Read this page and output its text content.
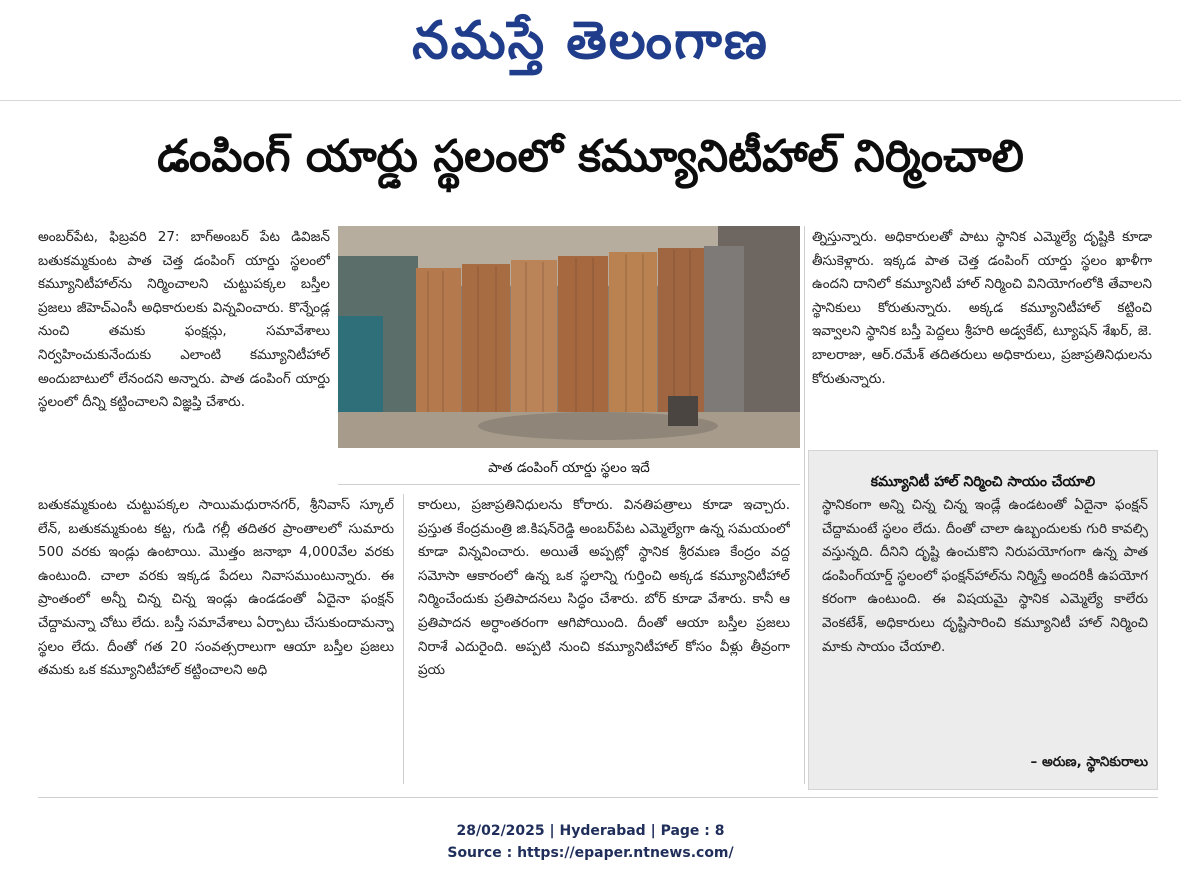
నమస్తే తెలంగాణ
డంపింగ్ యార్డు స్థలంలో కమ్యూనిటీహాల్ నిర్మించాలి

అంబర్‌పేట, ఫిబ్రవరి 27: బాగ్‌అంబర్ పేట డివిజన్ బతుకమ్మకుంట పాత చెత్త డంపింగ్ యార్డు స్థలంలో కమ్యూనిటీహాల్‌ను నిర్మించాలని చుట్టుపక్కల బస్తీల ప్రజలు జీహెచ్ఎంసీ అధికారులకు విన్నవించారు. కొన్నేండ్ల నుంచి తమకు ఫంక్షన్లు, సమావేశాలు నిర్వహించుకునేందుకు ఎలాంటి కమ్యూనిటీహాల్ అందుబాటులో లేనందని అన్నారు. పాత డంపింగ్ యార్డు స్థలంలో దీన్ని కట్టించాలని విజ్ఞప్తి చేశారు.

బతుకమ్మకుంట చుట్టుపక్కల సాయిమధురానగర్, శ్రీనివాస్ స్కూల్ లేన్, బతుకమ్మకుంట కట్ట, గుడి గల్లీ తదితర ప్రాంతాలలో సుమారు 500 వరకు ఇండ్లు ఉంటాయి. మొత్తం జనాభా 4,000వేల వరకు ఉంటుంది. చాలా వరకు ఇక్కడ పేదలు నివాసముంటున్నారు. ఈ ప్రాంతంలో అన్నీ చిన్న చిన్న ఇండ్లు ఉండడంతో ఏదైనా ఫంక్షన్ చేద్దామన్నా చోటు లేదు. బస్తీ సమావేశాలు ఏర్పాటు చేసుకుందామన్నా స్థలం లేదు. దీంతో గత 20 సంవత్సరాలుగా ఆయా బస్తీల ప్రజలు తమకు ఒక కమ్యూనిటీహాల్ కట్టించాలని అధి

పాత డంపింగ్ యార్డు స్థలం ఇదే

కారులు, ప్రజాప్రతినిధులను కోరారు. వినతిపత్రాలు కూడా ఇచ్చారు. ప్రస్తుత కేంద్రమంత్రి జి.కిషన్‌రెడ్డి అంబర్‌పేట ఎమ్మెల్యేగా ఉన్న సమయంలో కూడా విన్నవించారు. అయితే అప్పట్లో స్థానిక శ్రీరమణ కేంద్రం వద్ద సమోసా ఆకారంలో ఉన్న ఒక స్థలాన్ని గుర్తించి అక్కడ కమ్యూనిటీహాల్ నిర్మించేందుకు ప్రతిపాదనలు సిద్ధం చేశారు. బోర్ కూడా వేశారు. కానీ ఆ ప్రతిపాదన అర్ధాంతరంగా ఆగిపోయింది. దీంతో ఆయా బస్తీల ప్రజలు నిరాశే ఎదురైంది. అప్పటి నుంచి కమ్యూనిటీహాల్ కోసం వీళ్లు తీవ్రంగా ప్రయ

త్నిస్తున్నారు. అధికారులతో పాటు స్థానిక ఎమ్మెల్యే దృష్టికి కూడా తీసుకెళ్లారు. ఇక్కడ పాత చెత్త డంపింగ్ యార్డు స్థలం ఖాళీగా ఉందని దానిలో కమ్యూనిటీ హాల్ నిర్మించి వినియోగంలోకి తేవాలని స్థానికులు కోరుతున్నారు. అక్కడ కమ్యూనిటీహాల్ కట్టించి ఇవ్వాలని స్థానిక బస్తీ పెద్దలు శ్రీహరి అడ్వకేట్, ట్యూషన్ శేఖర్, జె. బాలరాజు, ఆర్.రమేశ్ తదితరులు అధికారులు, ప్రజాప్రతినిధులను కోరుతున్నారు.

కమ్యూనిటీ హాల్ నిర్మించి సాయం చేయాలి

స్థానికంగా అన్ని చిన్న చిన్న ఇండ్లే ఉండటంతో ఏదైనా ఫంక్షన్ చేద్దామంటే స్థలం లేదు. దీంతో చాలా ఉబ్బందులకు గురి కావల్సి వస్తున్నది. దీనిని దృష్టి ఉంచుకొని నిరుపయోగంగా ఉన్న పాత డంపింగ్‌యార్డ్ స్థలంలో ఫంక్షన్‌హాల్‌ను నిర్మిస్తే అందరికీ ఉపయోగ కరంగా ఉంటుంది. ఈ విషయమై స్థానిక ఎమ్మెల్యే కాలేరు వెంకటేశ్, అధికారులు దృష్టిసారించి కమ్యూనిటీ హాల్ నిర్మించి మాకు సాయం చేయాలి.

– అరుణ, స్థానికురాలు
28/02/2025 | Hyderabad | Page : 8
Source : https://epaper.ntnews.com/
